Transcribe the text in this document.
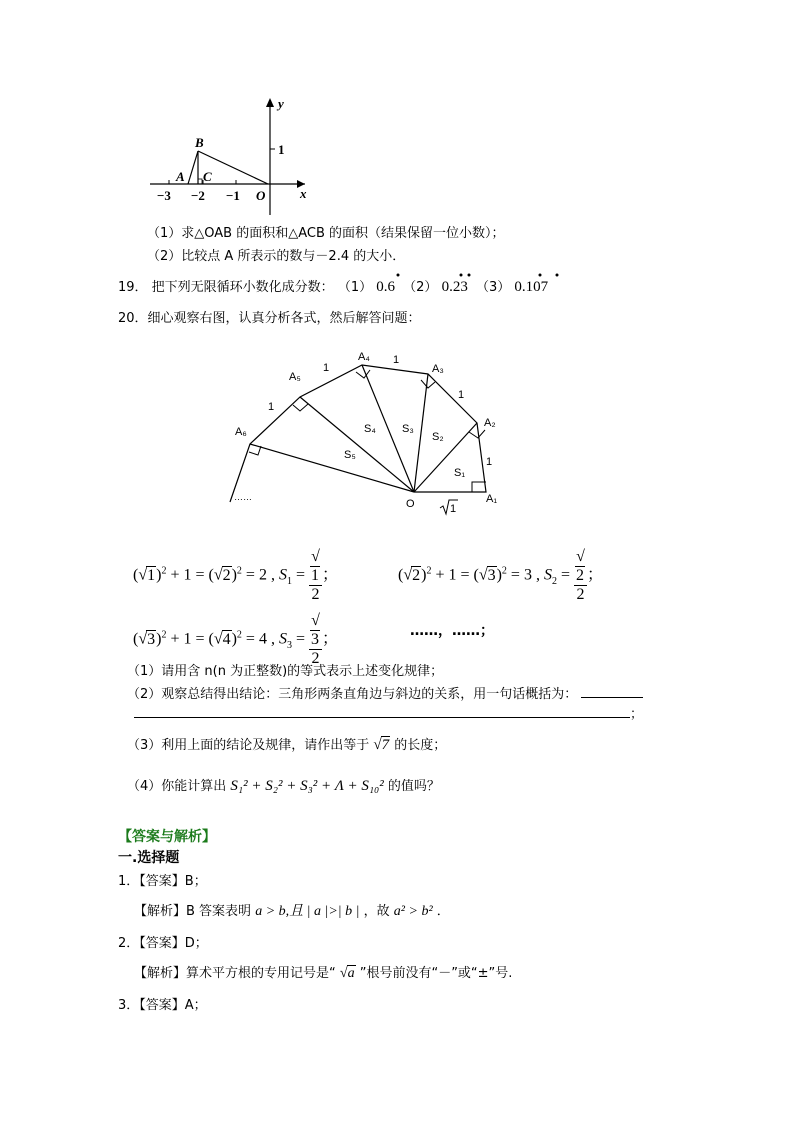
y
x
1
−3 −2 −1 O
A
B
C
（1）求△OAB 的面积和△ACB 的面积（结果保留一位小数）；
（2）比较点 A 所表示的数与－2.4 的大小．
19． 把下列无限循环小数化成分数： （1） 0.6 （2） 0.23 （3） 0.107
20．细心观察右图，认真分析各式，然后解答问题：
A₁
A₂
A₃
A₄
A₅
A₆
S₁
S₂
S₃
S₄
S₅
O
1
1
1
1
1
……
1
$(√1)^2 + 1 = (√2)^2 = 2$ , $S_1$ = √
1
2 ；	$(√2)^2 + 1 = (√3)^2 = 3$ , $S_2$ = √
2
2 ；
$(√3)^2 + 1 = (√4)^2 = 4$ , $S_3$ = √
3
2 ；	……，……；
（1）请用含 n(n 为正整数)的等式表示上述变化规律；
（2）观察总结得出结论：三角形两条直角边与斜边的关系，用一句话概括为：
；
（3）利用上面的结论及规律，请作出等于 √7 的长度；
（4）你能计算出 S₁² + S₂² + S₃² + Λ + S₁₀² 的值吗？
【答案与解析】
一.选择题
1．【答案】B；
【解析】B 答案表明 a > b,且 | a |>| b | ，故 a² > b² ．
2．【答案】D；
【解析】算术平方根的专用记号是“ √a ”根号前没有“－”或“±”号.
3．【答案】A；
